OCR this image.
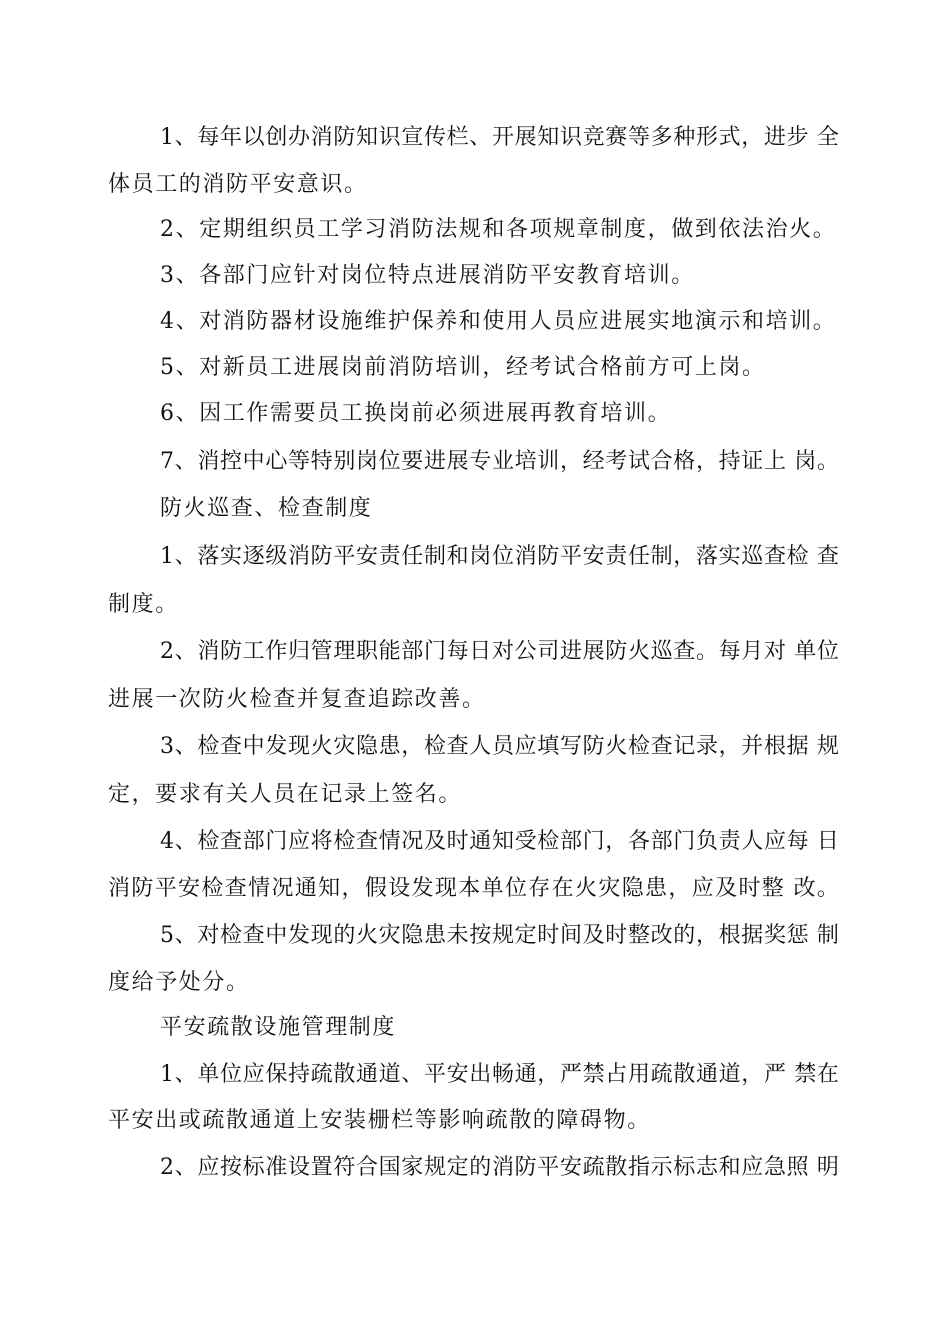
1、每年以创办消防知识宣传栏、开展知识竞赛等多种形式，进步 全
体员工的消防平安意识。
2、定期组织员工学习消防法规和各项规章制度，做到依法治火。
3、各部门应针对岗位特点进展消防平安教育培训。
4、对消防器材设施维护保养和使用人员应进展实地演示和培训。
5、对新员工进展岗前消防培训，经考试合格前方可上岗。
6、因工作需要员工换岗前必须进展再教育培训。
7、消控中心等特别岗位要进展专业培训，经考试合格，持证上 岗。
防火巡查、检查制度
1、落实逐级消防平安责任制和岗位消防平安责任制，落实巡查检 查
制度。
2、消防工作归管理职能部门每日对公司进展防火巡查。每月对 单位
进展一次防火检查并复查追踪改善。
3、检查中发现火灾隐患，检查人员应填写防火检查记录，并根据 规
定，要求有关人员在记录上签名。
4、检查部门应将检查情况及时通知受检部门，各部门负责人应每 日
消防平安检查情况通知，假设发现本单位存在火灾隐患，应及时整 改。
5、对检查中发现的火灾隐患未按规定时间及时整改的，根据奖惩 制
度给予处分。
平安疏散设施管理制度
1、单位应保持疏散通道、平安出畅通，严禁占用疏散通道，严 禁在
平安出或疏散通道上安装栅栏等影响疏散的障碍物。
2、应按标准设置符合国家规定的消防平安疏散指示标志和应急照 明
